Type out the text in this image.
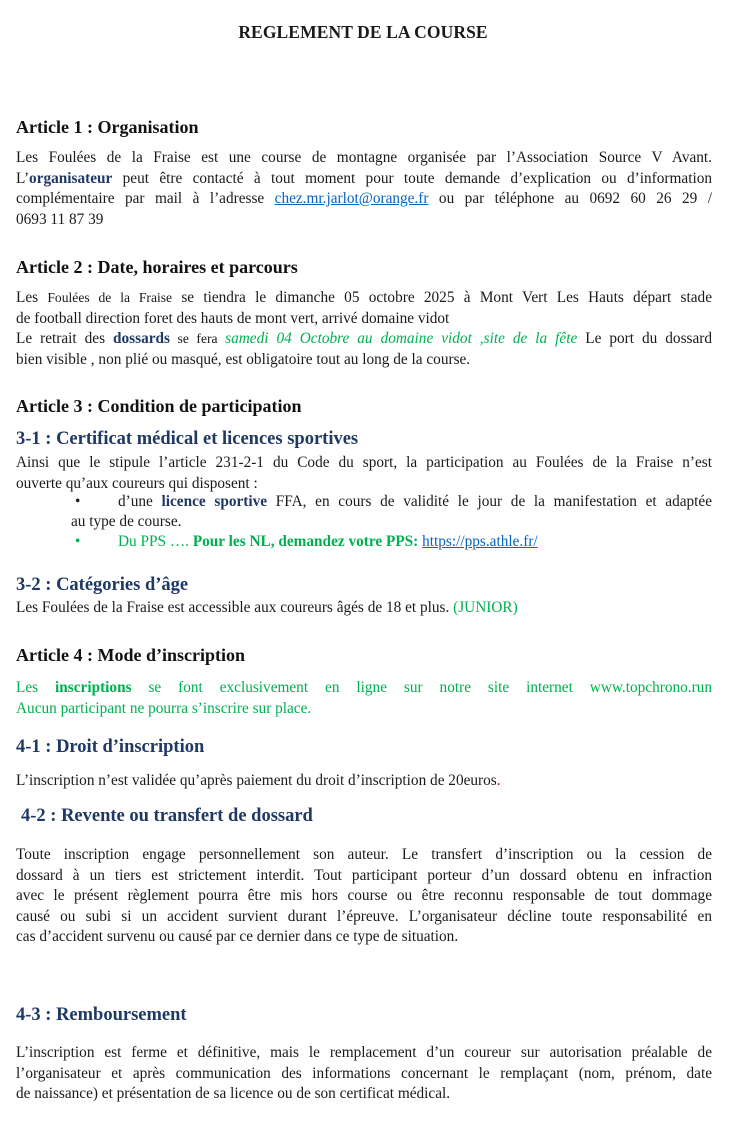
REGLEMENT DE LA COURSE
Article 1 : Organisation
Les Foulées de la Fraise est une course de montagne organisée par l’Association Source V Avant.
L’organisateur peut être contacté à tout moment pour toute demande d’explication ou d’information
complémentaire par mail à l’adresse chez.mr.jarlot@orange.fr ou par téléphone au 0692 60 26 29 /
0693 11 87 39
Article 2 : Date, horaires et parcours
Les Foulées de la Fraise se tiendra le dimanche 05 octobre 2025 à Mont Vert Les Hauts départ stade
de football direction foret des hauts de mont vert, arrivé domaine vidot
Le retrait des dossards se fera samedi 04 Octobre au domaine vidot ,site de la fête Le port du dossard
bien visible , non plié ou masqué, est obligatoire tout au long de la course.
Article 3 : Condition de participation
3-1 : Certificat médical et licences sportives
Ainsi que le stipule l’article 231-2-1 du Code du sport, la participation au Foulées de la Fraise n’est
ouverte qu’aux coureurs qui disposent :
• d’une licence sportive FFA, en cours de validité le jour de la manifestation et adaptée
au type de course.
• Du PPS …. Pour les NL, demandez votre PPS: https://pps.athle.fr/
3-2 : Catégories d’âge
Les Foulées de la Fraise est accessible aux coureurs âgés de 18 et plus. (JUNIOR)
Article 4 : Mode d’inscription
Les inscriptions se font exclusivement en ligne sur notre site internet www.topchrono.run
Aucun participant ne pourra s’inscrire sur place.
4-1 : Droit d’inscription
L’inscription n’est validée qu’après paiement du droit d’inscription de 20euros.
4-2 : Revente ou transfert de dossard
Toute inscription engage personnellement son auteur. Le transfert d’inscription ou la cession de
dossard à un tiers est strictement interdit. Tout participant porteur d’un dossard obtenu en infraction
avec le présent règlement pourra être mis hors course ou être reconnu responsable de tout dommage
causé ou subi si un accident survient durant l’épreuve. L’organisateur décline toute responsabilité en
cas d’accident survenu ou causé par ce dernier dans ce type de situation.
4-3 : Remboursement
L’inscription est ferme et définitive, mais le remplacement d’un coureur sur autorisation préalable de
l’organisateur et après communication des informations concernant le remplaçant (nom, prénom, date
de naissance) et présentation de sa licence ou de son certificat médical.
